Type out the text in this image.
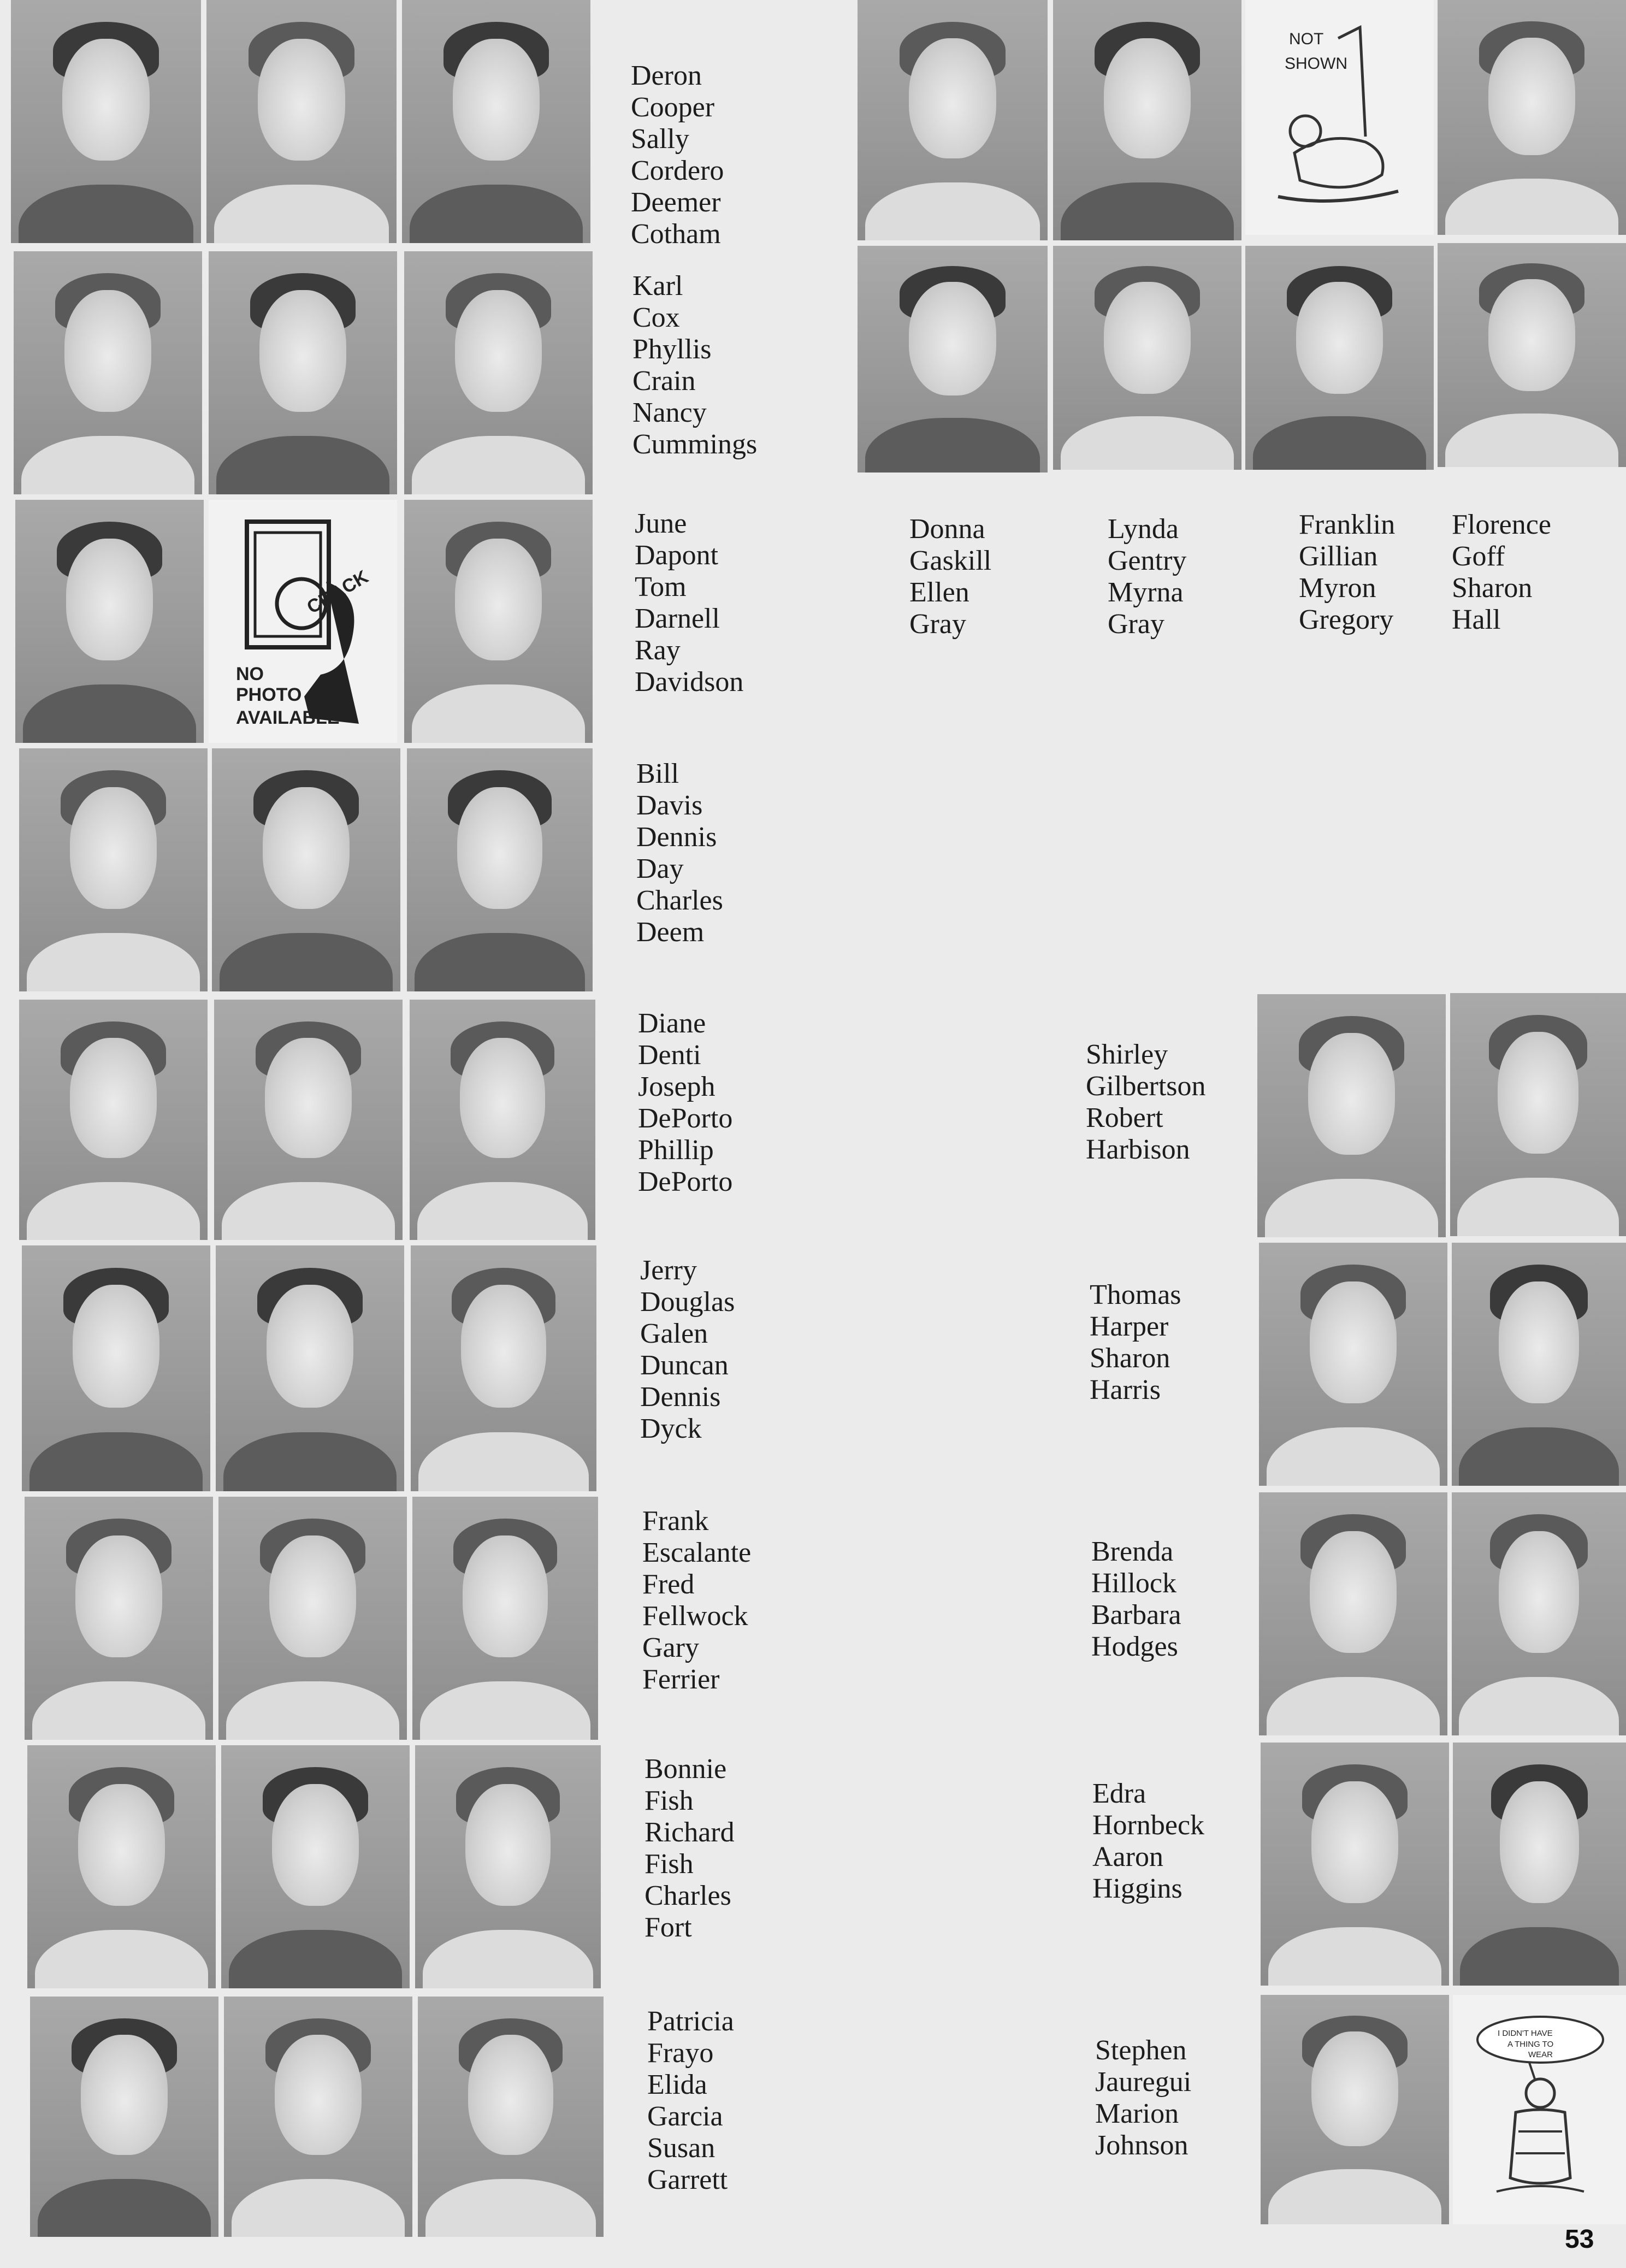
CRACK
NO
PHOTO
AVAILABLE
Deron
Cooper
Sally
Cordero
Deemer
Cotham
Karl
Cox
Phyllis
Crain
Nancy
Cummings
June
Dapont
Tom
Darnell
Ray
Davidson
Bill
Davis
Dennis
Day
Charles
Deem
Diane
Denti
Joseph
DePorto
Phillip
DePorto
Jerry
Douglas
Galen
Duncan
Dennis
Dyck
Frank
Escalante
Fred
Fellwock
Gary
Ferrier
Bonnie
Fish
Richard
Fish
Charles
Fort
Patricia
Frayo
Elida
Garcia
Susan
Garrett
NOT
SHOWN
Donna
Gaskill
Ellen
Gray
Lynda
Gentry
Myrna
Gray
Franklin
Gillian
Myron
Gregory
Florence
Goff
Sharon
Hall
I DIDN'T HAVE
A THING TO
WEAR
Shirley
Gilbertson
Robert
Harbison
Thomas
Harper
Sharon
Harris
Brenda
Hillock
Barbara
Hodges
Edra
Hornbeck
Aaron
Higgins
Stephen
Jauregui
Marion
Johnson
53
